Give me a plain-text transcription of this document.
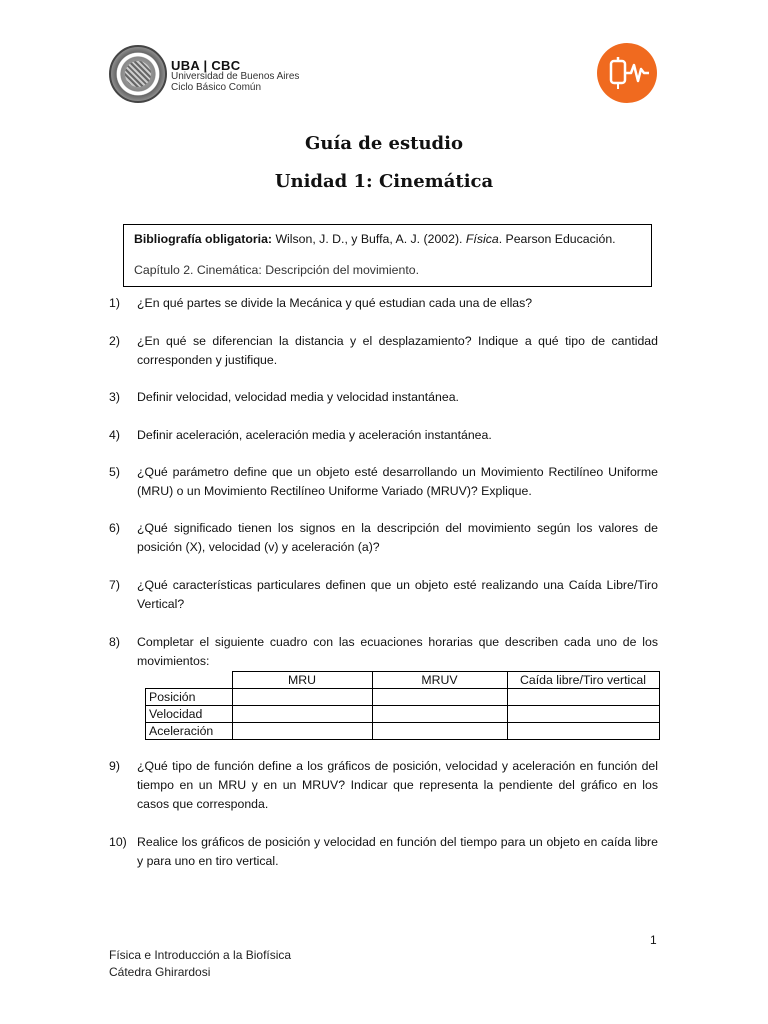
UBA | CBC
Universidad de Buenos Aires
Ciclo Básico Común
Guía de estudio
Unidad 1: Cinemática
Bibliografía obligatoria: Wilson, J. D., y Buffa, A. J. (2002). Física. Pearson Educación.
Capítulo 2. Cinemática: Descripción del movimiento.
1)	¿En qué partes se divide la Mecánica y qué estudian cada una de ellas?
2)	¿En qué se diferencian la distancia y el desplazamiento? Indique a qué tipo de cantidad corresponden y justifique.
3)	Definir velocidad, velocidad media y velocidad instantánea.
4)	Definir aceleración, aceleración media y aceleración instantánea.
5)	¿Qué parámetro define que un objeto esté desarrollando un Movimiento Rectilíneo Uniforme (MRU) o un Movimiento Rectilíneo Uniforme Variado (MRUV)? Explique.
6)	¿Qué significado tienen los signos en la descripción del movimiento según los valores de posición (X), velocidad (v) y aceleración (a)?
7)	¿Qué características particulares definen que un objeto esté realizando una Caída Libre/Tiro Vertical?
8)	Completar el siguiente cuadro con las ecuaciones horarias que describen cada uno de los movimientos:
	MRU	MRUV	Caída libre/Tiro vertical
Posición			
Velocidad			
Aceleración			
9)	¿Qué tipo de función define a los gráficos de posición, velocidad y aceleración en función del tiempo en un MRU y en un MRUV? Indicar que representa la pendiente del gráfico en los casos que corresponda.
10) Realice los gráficos de posición y velocidad en función del tiempo para un objeto en caída libre y para uno en tiro vertical.
1
Física e Introducción a la Biofísica
Cátedra Ghirardosi
